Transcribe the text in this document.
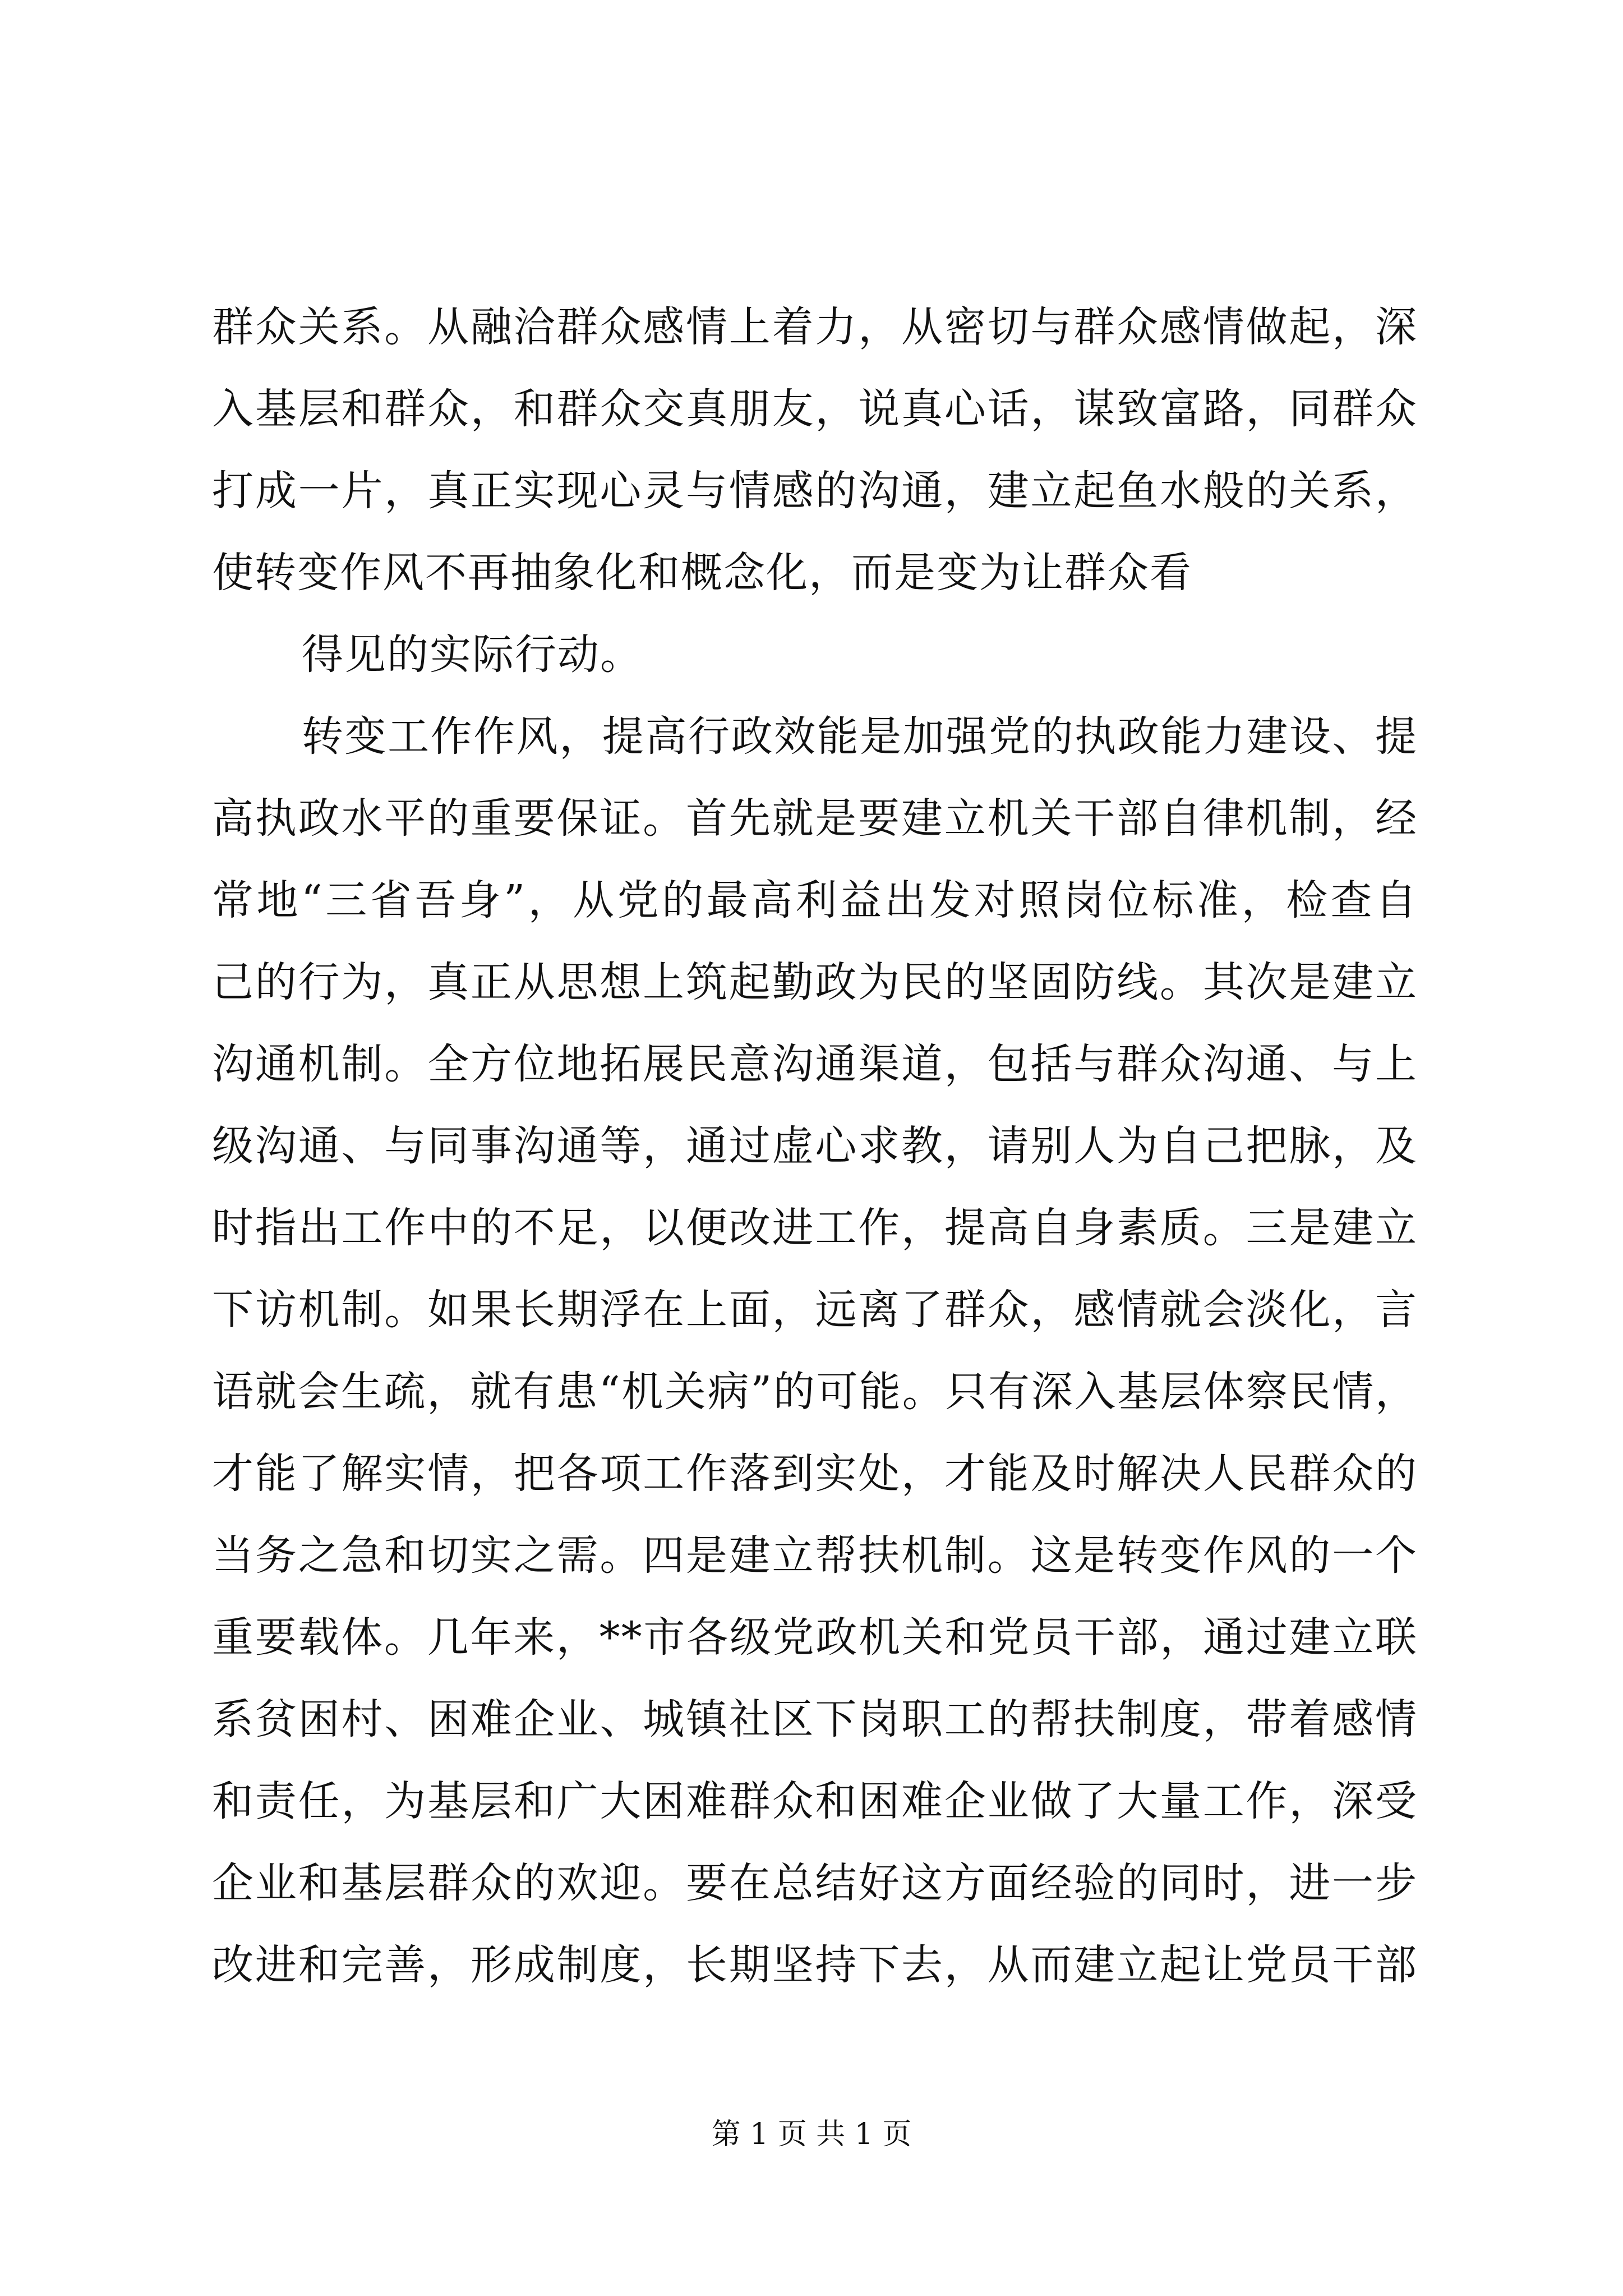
群众关系。从融洽群众感情上着力，从密切与群众感情做起，深
入基层和群众，和群众交真朋友，说真心话，谋致富路，同群众
打成一片，真正实现心灵与情感的沟通，建立起鱼水般的关系，
使转变作风不再抽象化和概念化，而是变为让群众看
得见的实际行动。
转变工作作风，提高行政效能是加强党的执政能力建设、提
高执政水平的重要保证。首先就是要建立机关干部自律机制，经
常地“三省吾身”，从党的最高利益出发对照岗位标准，检查自
己的行为，真正从思想上筑起勤政为民的坚固防线。其次是建立
沟通机制。全方位地拓展民意沟通渠道，包括与群众沟通、与上
级沟通、与同事沟通等，通过虚心求教，请别人为自己把脉，及
时指出工作中的不足，以便改进工作，提高自身素质。三是建立
下访机制。如果长期浮在上面，远离了群众，感情就会淡化，言
语就会生疏，就有患“机关病”的可能。只有深入基层体察民情，
才能了解实情，把各项工作落到实处，才能及时解决人民群众的
当务之急和切实之需。四是建立帮扶机制。这是转变作风的一个
重要载体。几年来，**市各级党政机关和党员干部，通过建立联
系贫困村、困难企业、城镇社区下岗职工的帮扶制度，带着感情
和责任，为基层和广大困难群众和困难企业做了大量工作，深受
企业和基层群众的欢迎。要在总结好这方面经验的同时，进一步
改进和完善，形成制度，长期坚持下去，从而建立起让党员干部
第 1 页 共 1 页
